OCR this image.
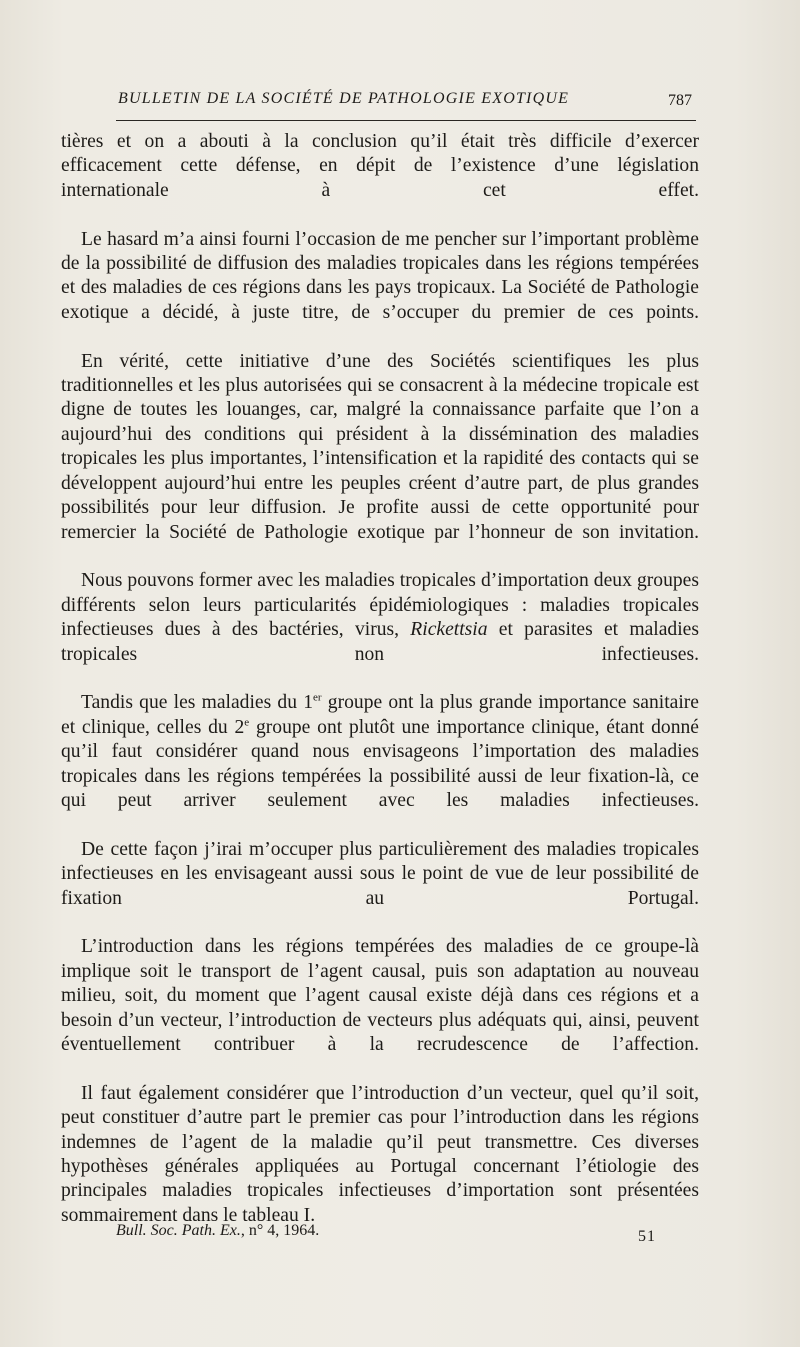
BULLETIN DE LA SOCIÉTÉ DE PATHOLOGIE EXOTIQUE	787

tières et on a abouti à la conclusion qu’il était très difficile d’exercer efficacement cette défense, en dépit de l’existence d’une législation internationale à cet effet.

Le hasard m’a ainsi fourni l’occasion de me pencher sur l’important problème de la possibilité de diffusion des maladies tropicales dans les régions tempérées et des maladies de ces régions dans les pays tropicaux. La Société de Pathologie exotique a décidé, à juste titre, de s’occuper du premier de ces points.

En vérité, cette initiative d’une des Sociétés scientifiques les plus traditionnelles et les plus autorisées qui se consacrent à la médecine tropicale est digne de toutes les louanges, car, malgré la connaissance parfaite que l’on a aujourd’hui des conditions qui président à la dissémination des maladies tropicales les plus importantes, l’intensification et la rapidité des contacts qui se développent aujourd’hui entre les peuples créent d’autre part, de plus grandes possibilités pour leur diffusion. Je profite aussi de cette opportunité pour remercier la Société de Pathologie exotique par l’honneur de son invitation.

Nous pouvons former avec les maladies tropicales d’importation deux groupes différents selon leurs particularités épidémiologiques : maladies tropicales infectieuses dues à des bactéries, virus, Rickettsia et parasites et maladies tropicales non infectieuses.

Tandis que les maladies du 1er groupe ont la plus grande importance sanitaire et clinique, celles du 2e groupe ont plutôt une importance clinique, étant donné qu’il faut considérer quand nous envisageons l’importation des maladies tropicales dans les régions tempérées la possibilité aussi de leur fixation-là, ce qui peut arriver seulement avec les maladies infectieuses.

De cette façon j’irai m’occuper plus particulièrement des maladies tropicales infectieuses en les envisageant aussi sous le point de vue de leur possibilité de fixation au Portugal.

L’introduction dans les régions tempérées des maladies de ce groupe-là implique soit le transport de l’agent causal, puis son adaptation au nouveau milieu, soit, du moment que l’agent causal existe déjà dans ces régions et a besoin d’un vecteur, l’introduction de vecteurs plus adéquats qui, ainsi, peuvent éventuellement contribuer à la recrudescence de l’affection.

Il faut également considérer que l’introduction d’un vecteur, quel qu’il soit, peut constituer d’autre part le premier cas pour l’introduction dans les régions indemnes de l’agent de la maladie qu’il peut transmettre. Ces diverses hypothèses générales appliquées au Portugal concernant l’étiologie des principales maladies tropicales infectieuses d’importation sont présentées sommairement dans le tableau I.

Bull. Soc. Path. Ex., n° 4, 1964.	51
